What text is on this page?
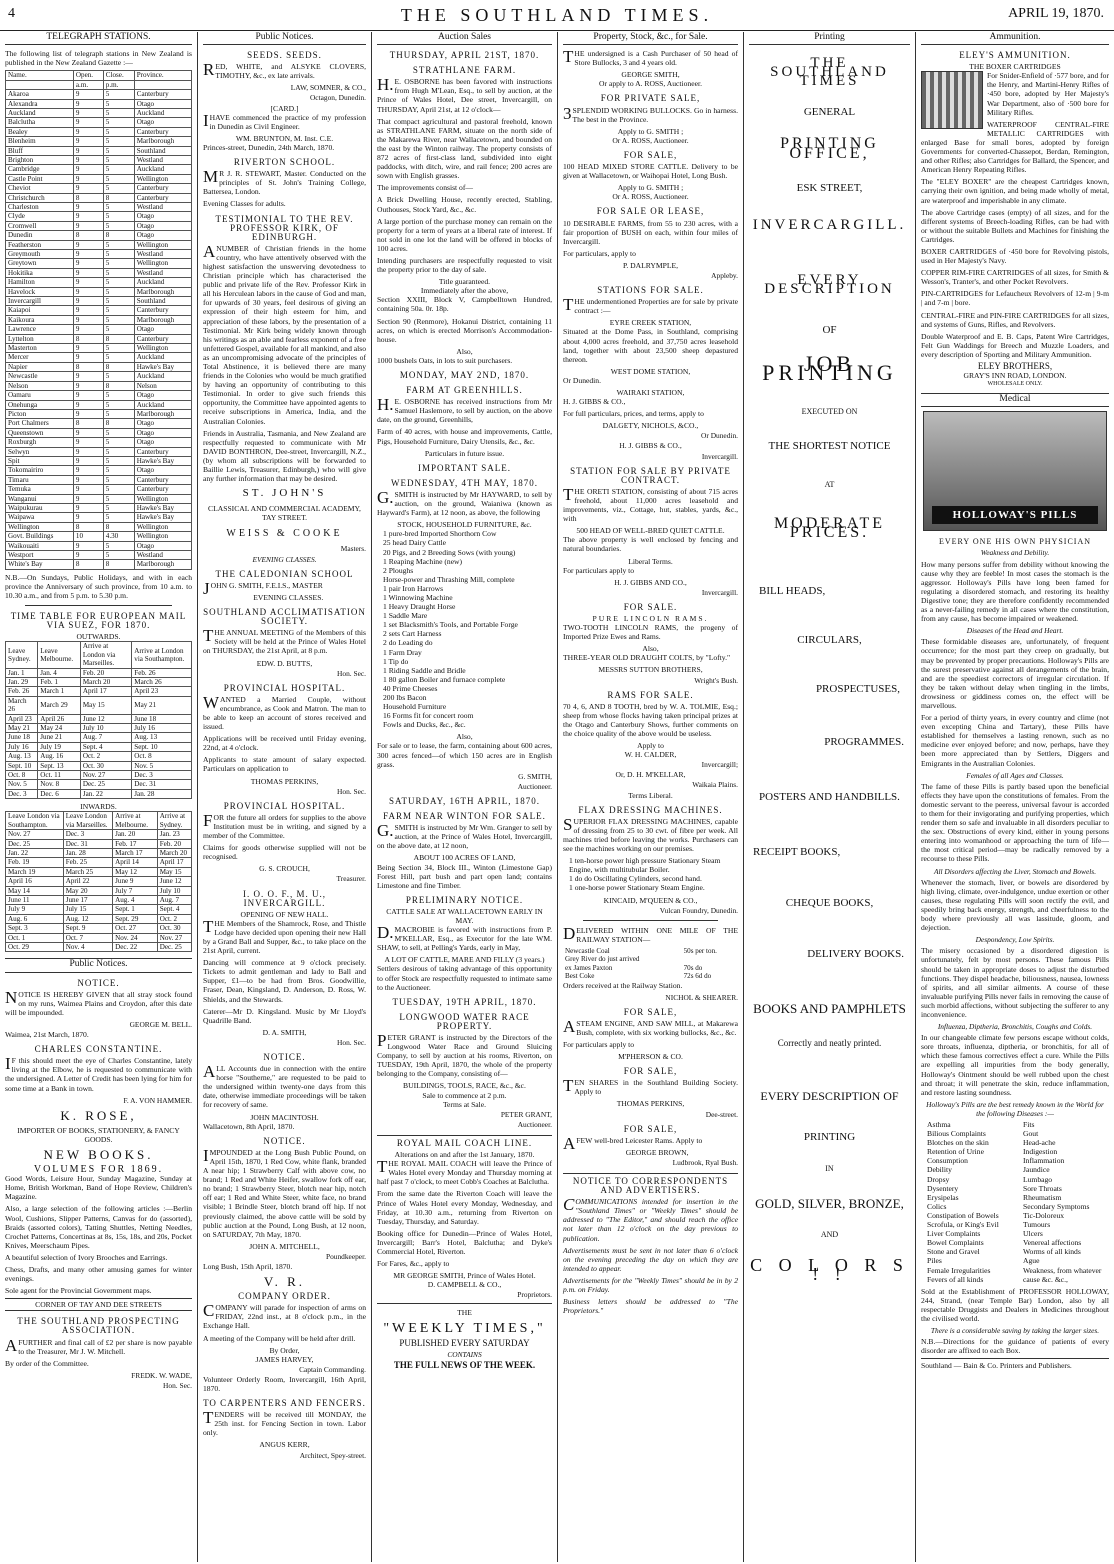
4	THE SOUTHLAND TIMES.	APRIL 19, 1870.
TELEGRAPH STATIONS.

The following list of telegraph stations in New Zealand is published in the New Zealand Gazette :—

Name.	Open.	Close.	Province.
	a.m.	p.m.	
Akaroa	9	5	Canterbury
Alexandra	9	5	Otago
Auckland	9	5	Auckland
Balclutha	9	5	Otago
Bealey	9	5	Canterbury
Blenheim	9	5	Marlborough
Bluff	9	5	Southland
Brighton	9	5	Westland
Cambridge	9	5	Auckland
Castle Point	9	5	Wellington
Cheviot	9	5	Canterbury
Christchurch	8	8	Canterbury
Charleston	9	5	Westland
Clyde	9	5	Otago
Cromwell	9	5	Otago
Dunedin	8	8	Otago
Featherston	9	5	Wellington
Greymouth	9	5	Westland
Greytown	9	5	Wellington
Hokitika	9	5	Westland
Hamilton	9	5	Auckland
Havelock	9	5	Marlborough
Invercargill	9	5	Southland
Kaiapoi	9	5	Canterbury
Kaikoura	9	5	Marlborough
Lawrence	9	5	Otago
Lyttelton	8	8	Canterbury
Masterton	9	5	Wellington
Mercer	9	5	Auckland
Napier	8	8	Hawke's Bay
Newcastle	9	5	Auckland
Nelson	9	8	Nelson
Oamaru	9	5	Otago
Onehunga	9	5	Auckland
Picton	9	5	Marlborough
Port Chalmers	8	8	Otago
Queenstown	9	5	Otago
Roxburgh	9	5	Otago
Selwyn	9	5	Canterbury
Spit	9	5	Hawke's Bay
Tokomairiro	9	5	Otago
Timaru	9	5	Canterbury
Temuka	9	5	Canterbury
Wanganui	9	5	Wellington
Waipukurau	9	5	Hawke's Bay
Waipawa	9	5	Hawke's Bay
Wellington	8	8	Wellington
Govt. Buildings	10	4.30	Wellington
Waikouaiti	9	5	Otago
Westport	9	5	Westland
White's Bay	8	8	Marlborough

N.B.—On Sundays, Public Holidays, and with in each province the Anniversary of such province, from 10 a.m. to 10.30 a.m., and from 5 p.m. to 5.30 p.m.

TIME TABLE FOR EUROPEAN MAIL VIA SUEZ, FOR 1870.
OUTWARDS.
Leave Sydney.	Leave Melbourne.	Arrive at London via Marseilles.	Arrive at London via Southampton.
Jan. 1	Jan. 4	Feb. 20	Feb. 26
Jan. 29	Feb. 1	March 20	March 26
Feb. 26	March 1	April 17	April 23
March 26	March 29	May 15	May 21
April 23	April 26	June 12	June 18
May 21	May 24	July 10	July 16
June 18	June 21	Aug. 7	Aug. 13
July 16	July 19	Sept. 4	Sept. 10
Aug. 13	Aug. 16	Oct. 2	Oct. 8
Sept. 10	Sept. 13	Oct. 30	Nov. 5
Oct. 8	Oct. 11	Nov. 27	Dec. 3
Nov. 5	Nov. 8	Dec. 25	Dec. 31
Dec. 3	Dec. 6	Jan. 22	Jan. 28
INWARDS.
Leave London via Southampton.	Leave London via Marseilles.	Arrive at Melbourne.	Arrive at Sydney.
Nov. 27	Dec. 3	Jan. 20	Jan. 23
Dec. 25	Dec. 31	Feb. 17	Feb. 20
Jan. 22	Jan. 28	March 17	March 20
Feb. 19	Feb. 25	April 14	April 17
March 19	March 25	May 12	May 15
April 16	April 22	June 9	June 12
May 14	May 20	July 7	July 10
June 11	June 17	Aug. 4	Aug. 7
July 9	July 15	Sept. 1	Sept. 4
Aug. 6	Aug. 12	Sept. 29	Oct. 2
Sept. 3	Sept. 9	Oct. 27	Oct. 30
Oct. 1	Oct. 7	Nov. 24	Nov. 27
Oct. 29	Nov. 4	Dec. 22	Dec. 25
Public Notices.
NOTICE.

NOTICE IS HEREBY GIVEN that all stray stock found on my runs, Waimea Plains and Croydon, after this date will be impounded.

GEORGE M. BELL.

Waimea, 21st March, 1870.

CHARLES CONSTANTINE.

IF this should meet the eye of Charles Constantine, lately living at the Elbow, he is requested to communicate with the undersigned. A Letter of Credit has been lying for him for some time at a Bank in town.

F. A. VON HAMMER.
K. ROSE,
IMPORTER OF BOOKS, STATIONERY, & FANCY GOODS.
NEW BOOKS.
VOLUMES FOR 1869.

Good Words, Leisure Hour, Sunday Magazine, Sunday at Home, British Workman, Band of Hope Review, Children's Magazine.

Also, a large selection of the following articles :—Berlin Wool, Cushions, Slipper Patterns, Canvas for do (assorted), Braids (assorted colors), Tatting Shuttles, Netting Needles, Crochet Patterns, Concertinas at 8s, 15s, 18s, and 20s, Pocket Knives, Meerschaum Pipes.

A beautiful selection of Ivory Brooches and Earrings.

Chess, Drafts, and many other amusing games for winter evenings.

Sole agent for the Provincial Government maps.

CORNER OF TAY AND DEE STREETS
THE SOUTHLAND PROSPECTING ASSOCIATION.

AFURTHER and final call of £2 per share is now payable to the Treasurer, Mr J. W. Mitchell.

By order of the Committee.

FREDK. W. WADE,
Hon. Sec.
Public Notices.
SEEDS. SEEDS.

RED, WHITE, and ALSYKE CLOVERS, TIMOTHY, &c., ex late arrivals.

LAW, SOMNER, & CO.,
Octagon, Dunedin.
[CARD.]

IHAVE commenced the practice of my profession in Dunedin as Civil Engineer.

WM. BRUNTON, M. Inst. C.E.

Princes-street, Dunedin, 24th March, 1870.

RIVERTON SCHOOL.

MR J. R. STEWART, Master. Conducted on the principles of St. John's Training College, Battersea, London.

Evening Classes for adults.

TESTIMONIAL TO THE REV. PROFESSOR KIRK, OF EDINBURGH.

ANUMBER of Christian friends in the home country, who have attentively observed with the highest satisfaction the unswerving devotedness to Christian principle which has characterised the public and private life of the Rev. Professor Kirk in all his Herculean labors in the cause of God and man, for upwards of 30 years, feel desirous of giving an expression of their high esteem for him, and appreciation of these labors, by the presentation of a Testimonial. Mr Kirk being widely known through his writings as an able and fearless exponent of a free unfettered Gospel, available for all mankind, and also as an uncompromising advocate of the principles of Total Abstinence, it is believed there are many friends in the Colonies who would be much gratified by having an opportunity of contributing to this Testimonial. In order to give such friends this opportunity, the Committee have appointed agents to receive subscriptions in America, India, and the Australian Colonies.

Friends in Australia, Tasmania, and New Zealand are respectfully requested to communicate with Mr DAVID BONTHRON, Dee-street, Invercargill, N.Z., (by whom all subscriptions will be forwarded to Baillie Lewis, Treasurer, Edinburgh,) who will give any further information that may be desired.

ST. JOHN'S
CLASSICAL AND COMMERCIAL ACADEMY,
TAY STREET.
WEISS & COOKE
Masters.
EVENING CLASSES.
THE CALEDONIAN SCHOOL

JOHN G. SMITH, F.E.I.S., MASTER

EVENING CLASSES.
SOUTHLAND ACCLIMATISATION SOCIETY.

THE ANNUAL MEETING of the Members of this Society will be held at the Prince of Wales Hotel on THURSDAY, the 21st April, at 8 p.m.

EDW. D. BUTTS,
Hon. Sec.
PROVINCIAL HOSPITAL.

WANTED a Married Couple, without encumbrance, as Cook and Matron. The man to be able to keep an account of stores received and issued.

Applications will be received until Friday evening, 22nd, at 4 o'clock.

Applicants to state amount of salary expected. Particulars on application to

THOMAS PERKINS,
Hon. Sec.
PROVINCIAL HOSPITAL.

FOR the future all orders for supplies to the above Institution must be in writing, and signed by a member of the Committee.

Claims for goods otherwise supplied will not be recognised.

G. S. CROUCH,
Treasurer.
I. O. O. F., M. U., INVERCARGILL.
OPENING OF NEW HALL.

THE Members of the Shamrock, Rose, and Thistle Lodge have decided upon opening their new Hall by a Grand Ball and Supper, &c., to take place on the 21st April, current.

Dancing will commence at 9 o'clock precisely. Tickets to admit gentleman and lady to Ball and Supper, £1—to be had from Bros. Goodwillie, Fraser, Dean, Kingsland, D. Anderson, D. Ross, W. Shields, and the Stewards.

Caterer—Mr D. Kingsland. Music by Mr Lloyd's Quadrille Band.

D. A. SMITH,
Hon. Sec.
NOTICE.

ALL Accounts due in connection with the entire horse "Southerne," are requested to be paid to the undersigned within twenty-one days from this date, otherwise immediate proceedings will be taken for recovery of same.

JOHN MACINTOSH.

Wallacetown, 8th April, 1870.

NOTICE.

IMPOUNDED at the Long Bush Public Pound, on April 15th, 1870, 1 Red Cow, white flank, branded A near hip; 1 Strawberry Calf with above cow, no brand; 1 Red and White Heifer, swallow fork off ear, no brand; 1 Strawberry Steer, blotch near hip, notch off ear; 1 Red and White Steer, white face, no brand visible; 1 Brindle Steer, blotch brand off hip. If not previously claimed, the above cattle will be sold by public auction at the Pound, Long Bush, at 12 noon, on SATURDAY, 7th May, 1870.

JOHN A. MITCHELL,
Poundkeeper.

Long Bush, 15th April, 1870.

V. R.
COMPANY ORDER.

COMPANY will parade for inspection of arms on FRIDAY, 22nd inst., at 8 o'clock p.m., in the Exchange Hall.

A meeting of the Company will be held after drill.

By Order,
JAMES HARVEY,
Captain Commanding.

Volunteer Orderly Room, Invercargill, 16th April, 1870.

TO CARPENTERS AND FENCERS.

TENDERS will be received till MONDAY, the 25th inst. for Fencing Section in town. Labor only.

ANGUS KERR,
Architect, Spey-street.
Auction Sales
THURSDAY, APRIL 21ST, 1870.
STRATHLANE FARM.

H.E. OSBORNE has been favored with instructions from Hugh M'Lean, Esq., to sell by auction, at the Prince of Wales Hotel, Dee street, Invercargill, on THURSDAY, April 21st, at 12 o'clock—

That compact agricultural and pastoral freehold, known as STRATHLANE FARM, situate on the north side of the Makarewa River, near Wallacetown, and bounded on the east by the Winton railway. The property consists of 872 acres of first-class land, subdivided into eight paddocks, with ditch, wire, and rail fence; 200 acres are sown with English grasses.

The improvements consist of—

A Brick Dwelling House, recently erected, Stabling, Outhouses, Stock Yard, &c., &c.

A large portion of the purchase money can remain on the property for a term of years at a liberal rate of interest. If not sold in one lot the land will be offered in blocks of 100 acres.

Intending purchasers are respectfully requested to visit the property prior to the day of sale.

Title guaranteed.
Immediately after the above,

Section XXIII, Block V, Campbelltown Hundred, containing 50a. 0r. 18p.

Section 90 (Renmore), Hokanui District, containing 11 acres, on which is erected Morrison's Accommodation-house.

Also,

1000 bushels Oats, in lots to suit purchasers.

MONDAY, MAY 2ND, 1870.
FARM AT GREENHILLS.

H.E. OSBORNE has received instructions from Mr Samuel Haslemore, to sell by auction, on the above date, on the ground, Greenhills,

Farm of 40 acres, with house and improvements, Cattle, Pigs, Household Furniture, Dairy Utensils, &c., &c.

Particulars in future issue.
IMPORTANT SALE.
WEDNESDAY, 4TH MAY, 1870.

G.SMITH is instructed by Mr HAYWARD, to sell by auction, on the ground, Waianiwa (known as Hayward's Farm), at 12 noon, as above, the following

STOCK, HOUSEHOLD FURNITURE, &c.
1 pure-bred Imported Shorthorn Cow
25 head Dairy Cattle
20 Pigs, and 2 Breeding Sows (with young)
1 Reaping Machine (new)
2 Ploughs
Horse-power and Thrashing Mill, complete
1 pair Iron Harrows
1 Winnowing Machine
1 Heavy Draught Horse
1 Saddle Mare
1 set Blacksmith's Tools, and Portable Forge
2 sets Cart Harness
2 do Leading do
1 Farm Dray
1 Tip do
1 Riding Saddle and Bridle
1 80 gallon Boiler and furnace complete
40 Prime Cheeses
200 lbs Bacon
Household Furniture
16 Forms fit for concert room
Fowls and Ducks, &c., &c.
Also,

For sale or to lease, the farm, containing about 600 acres, 300 acres fenced—of which 150 acres are in English grass.

G. SMITH,
Auctioneer.
SATURDAY, 16TH APRIL, 1870.
FARM NEAR WINTON FOR SALE.

G.SMITH is instructed by Mr Wm. Granger to sell by auction, at the Prince of Wales Hotel, Invercargill, on the above date, at 12 noon,

ABOUT 100 ACRES OF LAND,

Being Section 34, Block III., Winton (Limestone Gap) Forest Hill, part bush and part open land; contains Limestone and fine Timber.

PRELIMINARY NOTICE.
CATTLE SALE AT WALLACETOWN EARLY IN MAY.

D.MACROBIE is favored with instructions from P. M'KELLAR, Esq., as Executor for the late WM. SHAW, to sell, at Pelling's Yards, early in May,

A LOT OF CATTLE, MARE AND FILLY (3 years.)

Settlers desirous of taking advantage of this opportunity to offer Stock are respectfully requested to intimate same to the Auctioneer.

TUESDAY, 19TH APRIL, 1870.
LONGWOOD WATER RACE PROPERTY.

PETER GRANT is instructed by the Directors of the Longwood Water Race and Ground Sluicing Company, to sell by auction at his rooms, Riverton, on TUESDAY, 19th April, 1870, the whole of the property belonging to the Company, consisting of—

BUILDINGS, TOOLS, RACE, &c., &c.
Sale to commence at 2 p.m.
Terms at Sale.
PETER GRANT,
Auctioneer.
ROYAL MAIL COACH LINE.
Alterations on and after the 1st January, 1870.

THE ROYAL MAIL COACH will leave the Prince of Wales Hotel every Monday and Thursday morning at half past 7 o'clock, to meet Cobb's Coaches at Balclutha.

From the same date the Riverton Coach will leave the Prince of Wales Hotel every Monday, Wednesday, and Friday, at 10.30 a.m., returning from Riverton on Tuesday, Thursday, and Saturday.

Booking office for Dunedin—Prince of Wales Hotel, Invercargill; Barr's Hotel, Balclutha; and Dyke's Commercial Hotel, Riverton.

For Fares, &c., apply to

MR GEORGE SMITH, Prince of Wales Hotel.
D. CAMPBELL & CO.,
Proprietors.
THE
"WEEKLY TIMES,"
PUBLISHED EVERY SATURDAY
CONTAINS
THE FULL NEWS OF THE WEEK.
Property, Stock, &c., for Sale.

THE undersigned is a Cash Purchaser of 50 head of Store Bullocks, 3 and 4 years old.

GEORGE SMITH,
Or apply to A. ROSS, Auctioneer.
FOR PRIVATE SALE,

3SPLENDID WORKING BULLOCKS. Go in harness. The best in the Province.

Apply to G. SMITH ;
Or A. ROSS, Auctioneer.
FOR SALE,

100 HEAD MIXED STORE CATTLE. Delivery to be given at Wallacetown, or Waihopai Hotel, Long Bush.

Apply to G. SMITH ;
Or A. ROSS, Auctioneer.
FOR SALE OR LEASE,

10 DESIRABLE FARMS, from 55 to 230 acres, with a fair proportion of BUSH on each, within four miles of Invercargill.

For particulars, apply to

P. DALRYMPLE,
Appleby.
STATIONS FOR SALE.

THE undermentioned Properties are for sale by private contract :—

EYRE CREEK STATION,

Situated at the Dome Pass, in Southland, comprising about 4,000 acres freehold, and 37,750 acres leasehold land, together with about 23,500 sheep depastured thereon.

WEST DOME STATION,

Or Dunedin.

WAIRAKI STATION,

H. J. GIBBS & CO.,

For full particulars, prices, and terms, apply to

DALGETY, NICHOLS, &CO.,
Or Dunedin.
H. J. GIBBS & CO.,
Invercargill.
STATION FOR SALE BY PRIVATE CONTRACT.

THE ORETI STATION, consisting of about 715 acres freehold, about 11,000 acres leasehold and improvements, viz., Cottage, hut, stables, yards, &c., with

500 HEAD OF WELL-BRED QUIET CATTLE.

The above property is well enclosed by fencing and natural boundaries.

Liberal Terms.

For particulars apply to

H. J. GIBBS AND CO.,
Invercargill.
FOR SALE.
PURE LINCOLN RAMS.

TWO-TOOTH LINCOLN RAMS, the progeny of Imported Prize Ewes and Rams.

Also,

THREE-YEAR OLD DRAUGHT COLTS, by "Lofty."

MESSRS SUTTON BROTHERS,
Wright's Bush.
RAMS FOR SALE.

70 4, 6, AND 8 TOOTH, bred by W. A. TOLMIE, Esq.; sheep from whose flocks having taken principal prizes at the Otago and Canterbury Shows, further comments on the choice quality of the above would be useless.

Apply to
W. H. CALDER,
Invercargill;
Or, D. H. M'KELLAR,
Waikaia Plains.
Terms Liberal.
FLAX DRESSING MACHINES.

SUPERIOR FLAX DRESSING MACHINES, capable of dressing from 25 to 30 cwt. of fibre per week. All machines tried before leaving the works. Purchasers can see the machines working on our premises.

1 ten-horse power high pressure Stationary Steam Engine, with multitubular Boiler.
1 do do Oscillating Cylinders, second hand.
1 one-horse power Stationary Steam Engine.
KINCAID, M'QUEEN & CO.,
Vulcan Foundry, Dunedin.

DELIVERED WITHIN ONE MILE OF THE RAILWAY STATION—

Newcastle Coal	50s per ton.
Grey River do just arrived	
ex James Paxton	70s do
Best Coke	72s 6d do

Orders received at the Railway Station.

NICHOL & SHEARER.
FOR SALE,

ASTEAM ENGINE, AND SAW MILL, at Makarewa Bush, complete, with six working bullocks, &c., &c.

For particulars apply to

M'PHERSON & CO.
FOR SALE,

TEN SHARES in the Southland Building Society. Apply to

THOMAS PERKINS,
Dee-street.
FOR SALE,

AFEW well-bred Leicester Rams. Apply to

GEORGE BROWN,
Ludbrook, Ryal Bush.
NOTICE TO CORRESPONDENTS AND ADVERTISERS.

COMMUNICATIONS intended for insertion in the "Southland Times" or "Weekly Times" should be addressed to "The Editor," and should reach the office not later than 12 o'clock on the day previous to publication.

Advertisements must be sent in not later than 6 o'clock on the evening preceding the day on which they are intended to appear.

Advertisements for the "Weekly Times" should be in by 2 p.m. on Friday.

Business letters should be addressed to "The Proprietors."

Printing
THE SOUTHLAND TIMES
GENERAL
PRINTING OFFICE,
ESK STREET,
INVERCARGILL.
EVERY DESCRIPTION
OF
JOB PRINTING
EXECUTED ON
THE SHORTEST NOTICE
AT
MODERATE PRICES.
BILL HEADS,
CIRCULARS,
PROSPECTUSES,
PROGRAMMES.
POSTERS AND HANDBILLS.
RECEIPT BOOKS,
CHEQUE BOOKS,
DELIVERY BOOKS.
BOOKS AND PAMPHLETS
Correctly and neatly printed.
EVERY DESCRIPTION OF
PRINTING
IN
GOLD, SILVER, BRONZE,
AND
C O L O R S ! !
Ammunition.
ELEY'S AMMUNITION.
THE BOXER CARTRIDGES

For Snider-Enfield of ·577 bore, and for the Henry, and Martini-Henry Rifles of ·450 bore, adopted by Her Majesty's War Department, also of ·500 bore for Military Rifles.

WATERPROOF CENTRAL-FIRE METALLIC CARTRIDGES with enlarged Base for small bores, adopted by foreign Governments for converted-Chassepot, Berdan, Remington, and other Rifles; also Cartridges for Ballard, the Spencer, and American Henry Repeating Rifles.

The "ELEY BOXER" are the cheapest Cartridges known, carrying their own ignition, and being made wholly of metal, are waterproof and imperishable in any climate.

The above Cartridge cases (empty) of all sizes, and for the different systems of Breech-loading Rifles, can be had with or without the suitable Bullets and Machines for finishing the Cartridges.

BOXER CARTRIDGES of ·450 bore for Revolving pistols, used in Her Majesty's Navy.

COPPER RIM-FIRE CARTRIDGES of all sizes, for Smith & Wesson's, Tranter's, and other Pocket Revolvers.

PIN-CARTRIDGES for Lefaucheux Revolvers of 12-m | 9-m | and 7-m | bore.

CENTRAL-FIRE and PIN-FIRE CARTRIDGES for all sizes, and systems of Guns, Rifles, and Revolvers.

Double Waterproof and E. B. Caps, Patent Wire Cartridges, Felt Gun Waddings for Breech and Muzzle Loaders, and every description of Sporting and Military Ammunition.

ELEY BROTHERS,
GRAY'S INN ROAD, LONDON.
WHOLESALE ONLY.
Medical
HOLLOWAY'S PILLS
EVERY ONE HIS OWN PHYSICIAN
Weakness and Debility.

How many persons suffer from debility without knowing the cause why they are feeble! In most cases the stomach is the aggressor. Holloway's Pills have long been famed for regulating a disordered stomach, and restoring its healthy Digestive tone; they are therefore confidently recommended as a never-failing remedy in all cases where the constitution, from any cause, has become impaired or weakened.

Diseases of the Head and Heart.

These formidable diseases are, unfortunately, of frequent occurrence; for the most part they creep on gradually, but may be prevented by proper precautions. Holloway's Pills are the surest preservative against all derangements of the brain, and are the speediest correctors of irregular circulation. If they be taken without delay when tingling in the limbs, drowsiness or giddiness comes on, the effect will be marvellous.

For a period of thirty years, in every country and clime (not even excepting China and Tartary), these Pills have established for themselves a lasting renown, such as no medicine ever enjoyed before; and now, perhaps, have they been more appreciated than by Settlers, Diggers and Emigrants in the Australian Colonies.

Females of all Ages and Classes.

The fame of these Pills is partly based upon the beneficial effects they have upon the constitutions of females. From the domestic servant to the peeress, universal favour is accorded to them for their invigorating and purifying properties, which render them so safe and invaluable in all disorders peculiar to the sex. Obstructions of every kind, either in young persons entering into womanhood or approaching the turn of life—the most critical period—may be radically removed by a recourse to these Pills.

All Disorders affecting the Liver, Stomach and Bowels.

Whenever the stomach, liver, or bowels are disordered by high living, climate, over-indulgence, undue exertion or other causes, these regulating Pills will soon rectify the evil, and speedily bring back energy, strength, and cheerfulness to the body where previously all was lassitude, gloom, and dejection.

Despondency, Low Spirits.

The misery occasioned by a disordered digestion is unfortunately, felt by most persons. These famous Pills should be taken in appropriate doses to adjust the disturbed functions. They dispel headache, biliousness, nausea, lowness of spirits, and all similar ailments. A course of these invaluable purifying Pills never fails in removing the cause of such morbid affections, without subjecting the sufferer to any inconvenience.

Influenza, Diptheria, Bronchitis, Coughs and Colds.

In our changeable climate few persons escape without colds, sore throats, influenza, diptheria, or bronchitis, for all of which these famous correctives effect a cure. While the Pills are expelling all impurities from the body generally, Holloway's Ointment should be well rubbed upon the chest and throat; it will penetrate the skin, reduce inflammation, and restore lasting soundness.

Holloway's Pills are the best remedy known in the World for the following Diseases :—
Asthma
Bilious Complaints
Blotches on the skin
Retention of Urine
Consumption
Debility
Dropsy
Dysentery
Erysipelas
Colics
Constipation of Bowels
Scrofula, or King's Evil
Liver Complaints
Bowel Complaints
Stone and Gravel
Piles
Female Irregularities
Fevers of all kinds
Fits
Gout
Head-ache
Indigestion
Inflammation
Jaundice
Lumbago
Sore Throats
Rheumatism
Secondary Symptoms
Tic-Doloreux
Tumours
Ulcers
Venereal affections
Worms of all kinds
Ague
Weakness, from whatever cause &c. &c.,

Sold at the Establishment of PROFESSOR HOLLOWAY, 244, Strand, (near Temple Bar) London, also by all respectable Druggists and Dealers in Medicines throughout the civilised world.

There is a considerable saving by taking the larger sizes.

N.B.—Directions for the guidance of patients of every disorder are affixed to each Box.

Southland — Bain & Co. Printers and Publishers.
